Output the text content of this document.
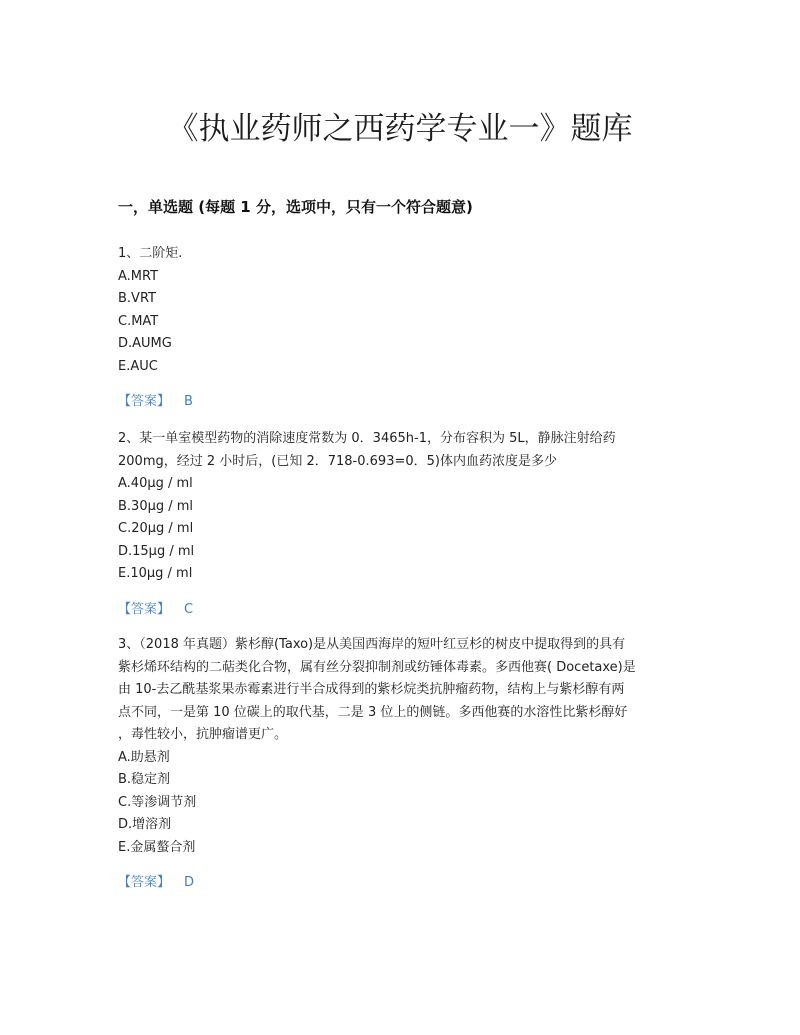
《执业药师之西药学专业一》题库
一，单选题 (每题 1 分，选项中，只有一个符合题意)

1、二阶矩.

A.MRT
B.VRT
C.MAT
D.AUMG
E.AUC
【答案】 B

2、某一单室模型药物的消除速度常数为 0．3465h-1，分布容积为 5L，静脉注射给药
200mg，经过 2 小时后，(已知 2．718-0.693=0．5)体内血药浓度是多少

A.40μg / ml
B.30μg / ml
C.20μg / ml
D.15μg / ml
E.10μg / ml
【答案】 C

3、（2018 年真题）紫杉醇(Taxo)是从美国西海岸的短叶红豆杉的树皮中提取得到的具有
紫杉烯环结构的二萜类化合物，属有丝分裂抑制剂或纺锤体毒素。多西他赛( Docetaxe)是
由 10-去乙酰基浆果赤霉素进行半合成得到的紫杉烷类抗肿瘤药物，结构上与紫杉醇有两
点不同，一是第 10 位碳上的取代基，二是 3 位上的侧链。多西他赛的水溶性比紫杉醇好
，毒性较小，抗肿瘤谱更广。

A.助悬剂
B.稳定剂
C.等渗调节剂
D.增溶剂
E.金属螯合剂
【答案】 D
